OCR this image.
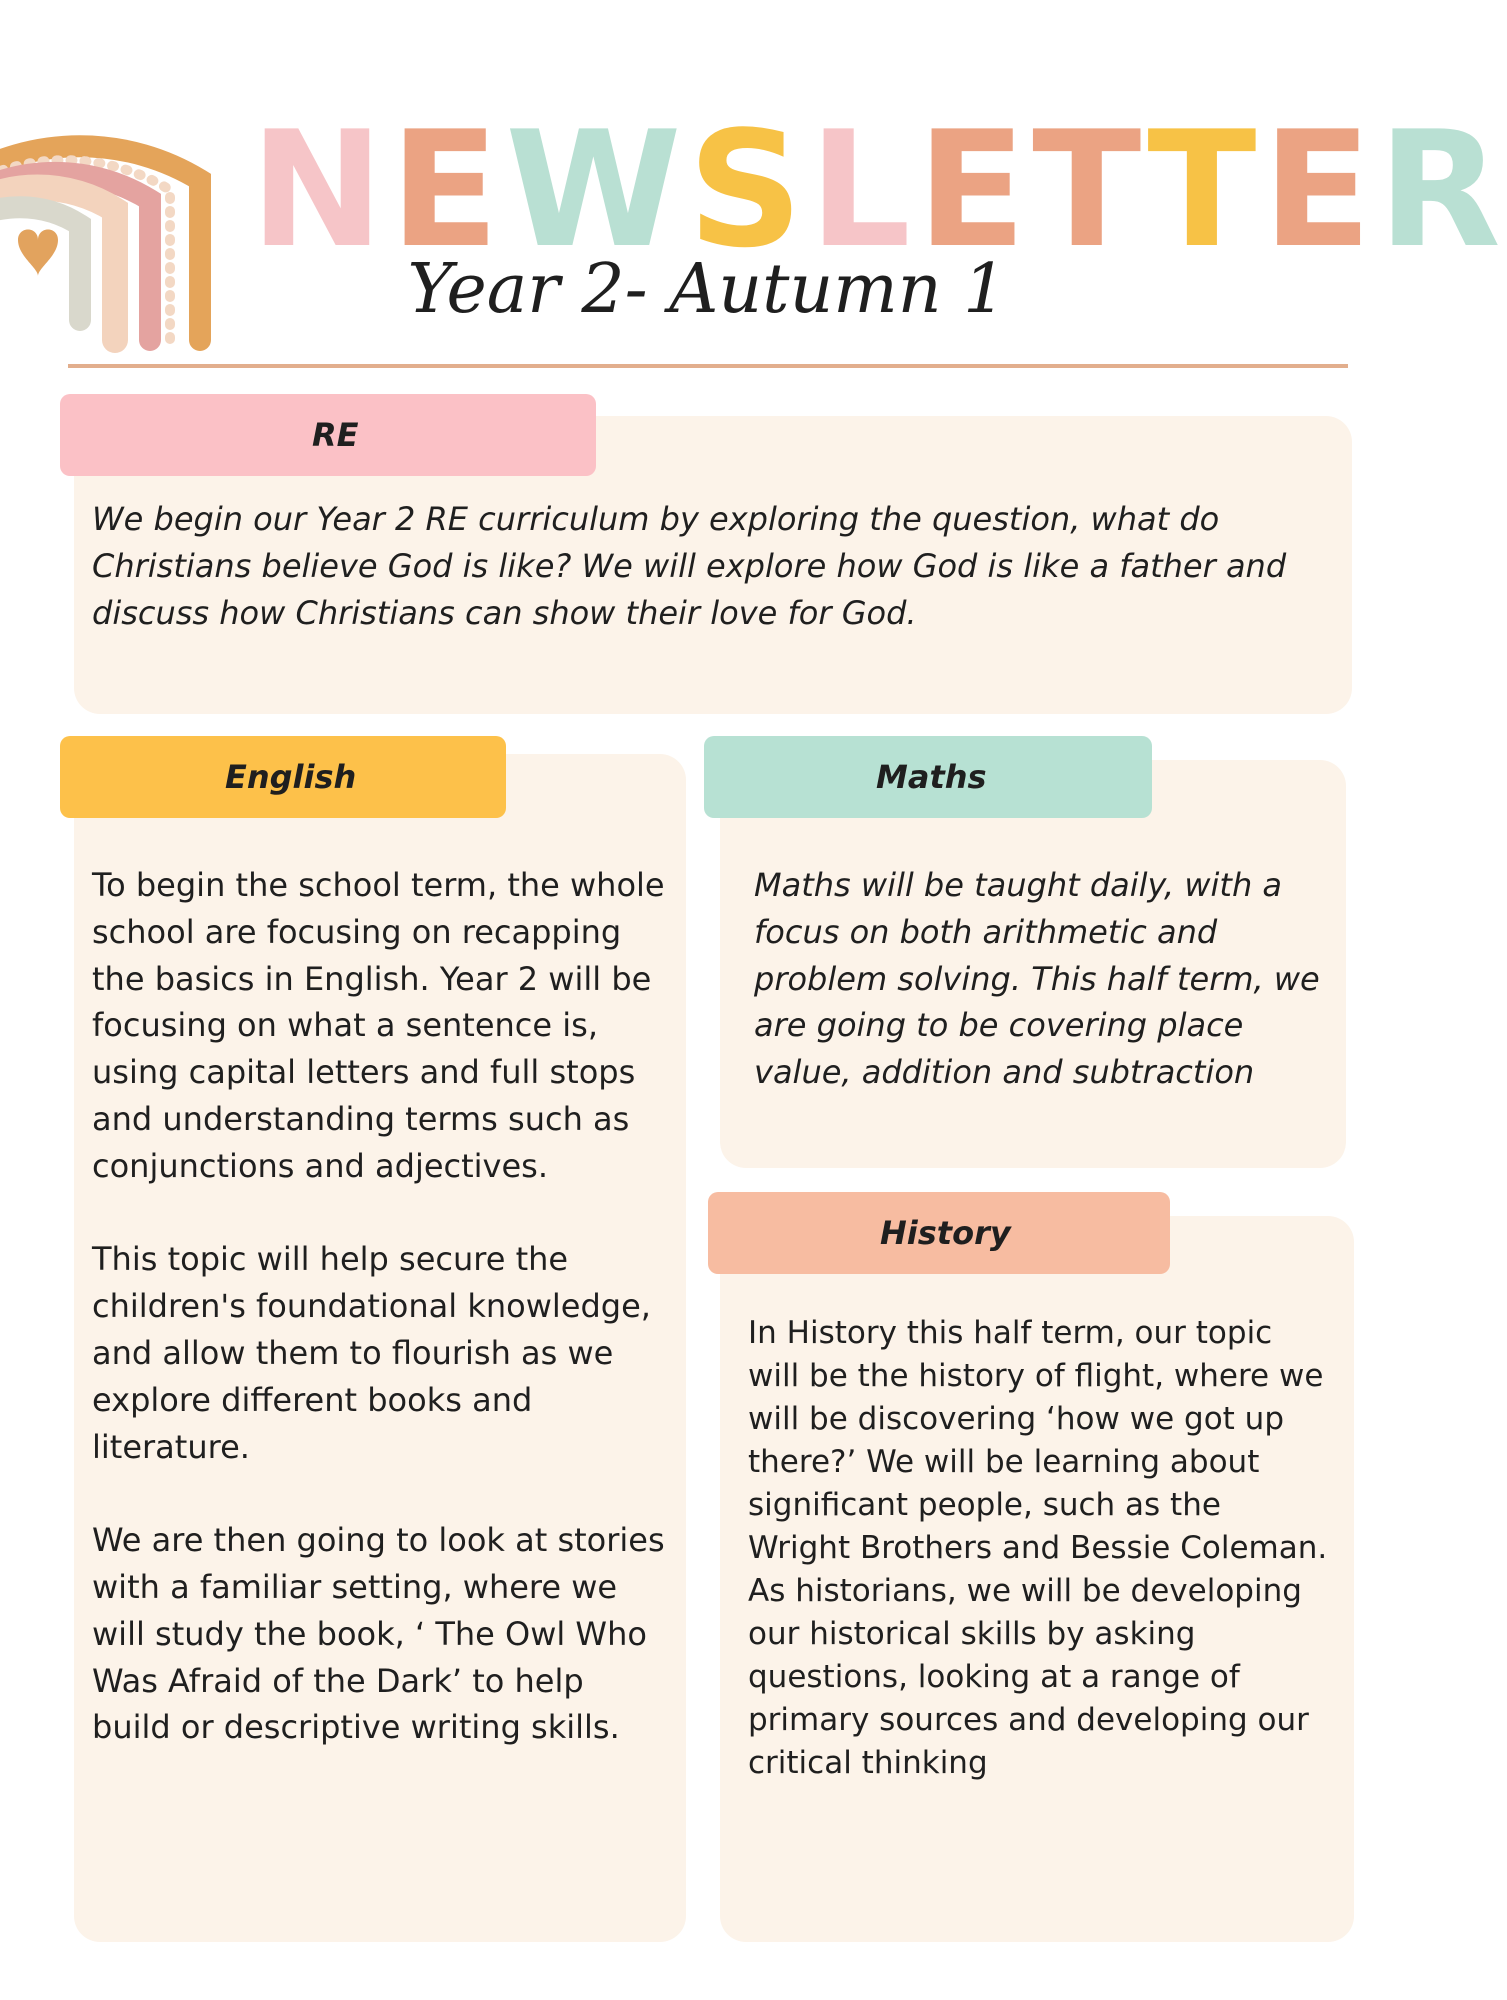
NEWSLETTER
Year 2- Autumn 1
RE

We begin our Year 2 RE curriculum by exploring the question, what do Christians believe God is like? We will explore how God is like a father and discuss how Christians can show their love for God.

English

To begin the school term, the whole school are focusing on recapping the basics in English. Year 2 will be focusing on what a sentence is, using capital letters and full stops and understanding terms such as conjunctions and adjectives.

This topic will help secure the children's foundational knowledge, and allow them to flourish as we explore different books and literature.

We are then going to look at stories with a familiar setting, where we will study the book, ‘ The Owl Who Was Afraid of the Dark’ to help build or descriptive writing skills.

Maths

Maths will be taught daily, with a focus on both arithmetic and problem solving. This half term, we are going to be covering place value, addition and subtraction

History

In History this half term, our topic will be the history of flight, where we will be discovering ‘how we got up there?’ We will be learning about significant people, such as the Wright Brothers and Bessie Coleman. As historians, we will be developing our historical skills by asking questions, looking at a range of primary sources and developing our critical thinking
